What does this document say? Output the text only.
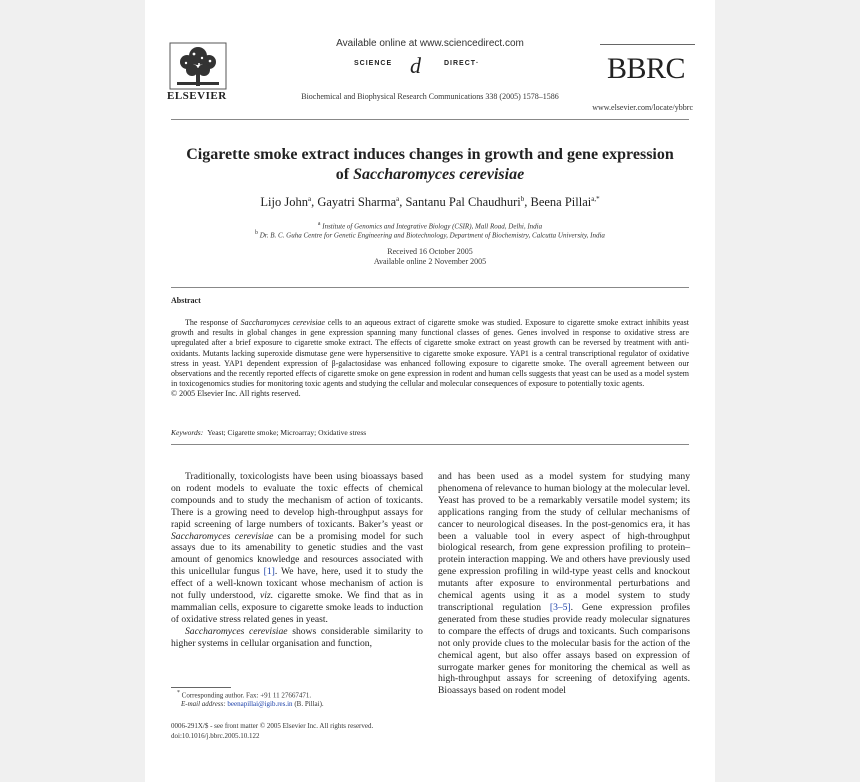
ELSEVIER
Available online at www.sciencedirect.com
SCIENCE d	DIRECT·
Biochemical and Biophysical Research Communications 338 (2005) 1578–1586
BBRC
www.elsevier.com/locate/ybbrc
Cigarette smoke extract induces changes in growth and gene expression
of Saccharomyces cerevisiae
Lijo John$^a$, Gayatri Sharma$^a$, Santanu Pal Chaudhuri$^b$, Beena Pillai$^{a,*}$
$^a$ Institute of Genomics and Integrative Biology (CSIR), Mall Road, Delhi, India
$^b$ Dr. B. C. Guha Centre for Genetic Engineering and Biotechnology, Department of Biochemistry, Calcutta University, India
Received 16 October 2005
Available online 2 November 2005
Abstract
The response of Saccharomyces cerevisiae cells to an aqueous extract of cigarette smoke was studied. Exposure to cigarette smoke extract inhibits yeast growth and results in global changes in gene expression spanning many functional classes of genes. Genes involved in response to oxidative stress are upregulated after a brief exposure to cigarette smoke extract. The effects of cigarette smoke extract on yeast growth can be reversed by treatment with anti-oxidants. Mutants lacking superoxide dismutase gene were hypersensitive to cigarette smoke exposure. YAP1 is a central transcriptional regulator of oxidative stress in yeast. YAP1 dependent expression of β-galactosidase was enhanced following exposure to cigarette smoke. The overall agreement between our observations and the recently reported effects of cigarette smoke on gene expression in rodent and human cells suggests that yeast can be used as a model system in toxicogenomics studies for monitoring toxic agents and studying the cellular and molecular consequences of exposure to potentially toxic agents.
© 2005 Elsevier Inc. All rights reserved.
Keywords: Yeast; Cigarette smoke; Microarray; Oxidative stress

Traditionally, toxicologists have been using bioassays based on rodent models to evaluate the toxic effects of chemical compounds and to study the mechanism of action of toxicants. There is a growing need to develop high-throughput assays for rapid screening of large numbers of toxicants. Baker’s yeast or Saccharomyces cerevisiae can be a promising model for such assays due to its amenability to genetic studies and the vast amount of genomics knowledge and resources associated with this unicellular fungus [1]. We have, here, used it to study the effect of a well-known toxicant whose mechanism of action is not fully understood, viz. cigarette smoke. We find that as in mammalian cells, exposure to cigarette smoke leads to induction of oxidative stress related genes in yeast.

Saccharomyces cerevisiae shows considerable similarity to higher systems in cellular organisation and function,

and has been used as a model system for studying many phenomena of relevance to human biology at the molecular level. Yeast has proved to be a remarkably versatile model system; its applications ranging from the study of cellular mechanisms of cancer to neurological diseases. In the post-genomics era, it has been a valuable tool in every aspect of high-throughput biological research, from gene expression profiling to protein–protein interaction mapping. We and others have previously used gene expression profiling in wild-type yeast cells and knockout mutants after exposure to environmental perturbations and chemical agents using it as a model system to study transcriptional regulation [3–5]. Gene expression profiles generated from these studies provide ready molecular signatures to compare the effects of drugs and toxicants. Such comparisons not only provide clues to the molecular basis for the action of the chemical agent, but also offer assays based on expression of surrogate marker genes for monitoring the chemical as well as high-throughput assays for screening of detoxifying agents. Bioassays based on rodent model

* Corresponding author. Fax: +91 11 27667471.
E-mail address: beenapillai@igib.res.in (B. Pillai).
0006-291X/$ - see front matter © 2005 Elsevier Inc. All rights reserved.
doi:10.1016/j.bbrc.2005.10.122
